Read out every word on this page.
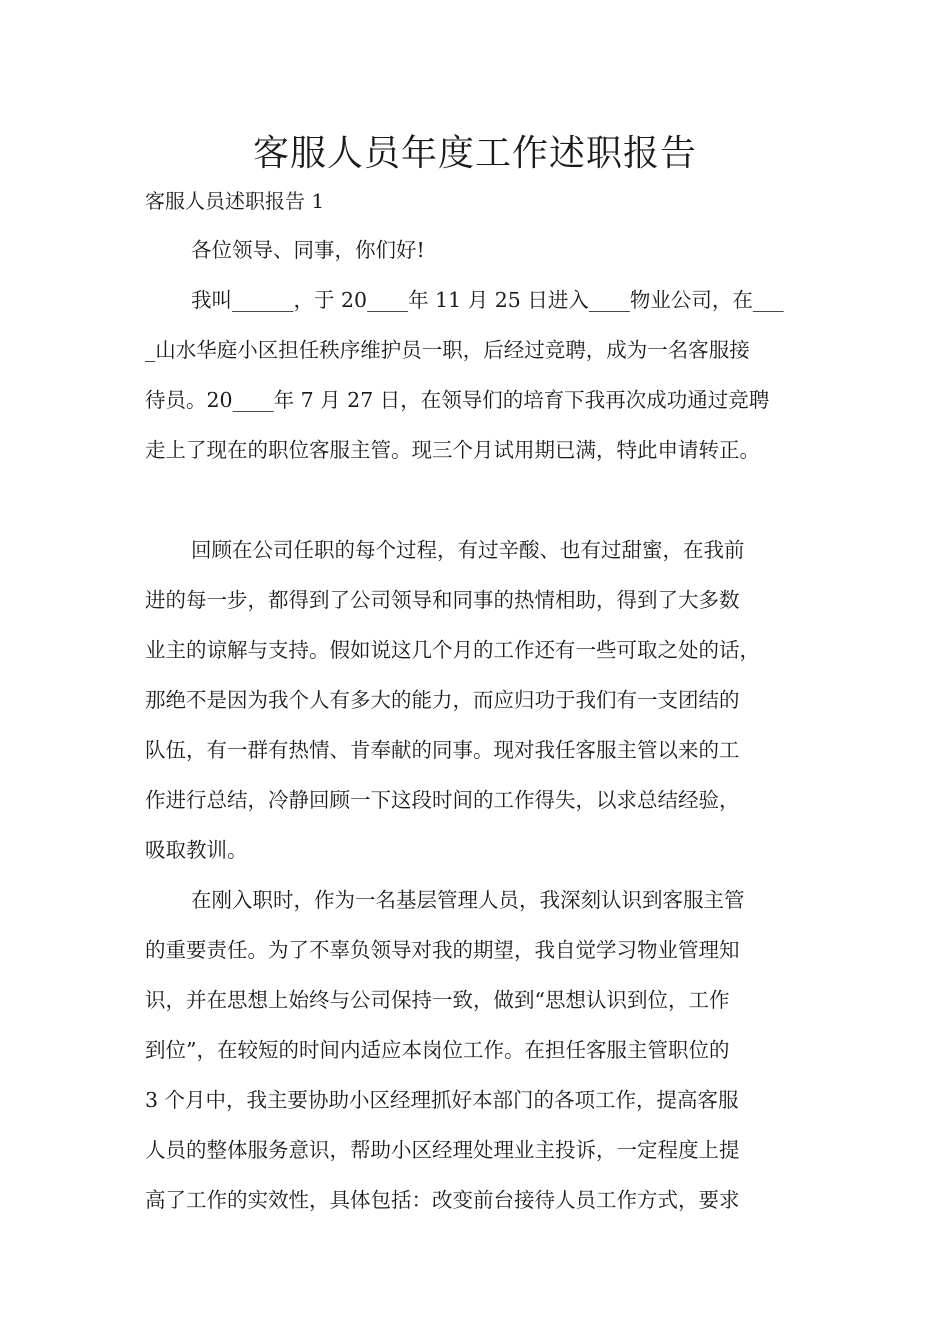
客服人员年度工作述职报告
客服人员述职报告 1
各位领导、同事，你们好!
我叫______，于 20____年 11 月 25 日进入____物业公司，在___
_山水华庭小区担任秩序维护员一职，后经过竞聘，成为一名客服接
待员。20____年 7 月 27 日，在领导们的培育下我再次成功通过竞聘
走上了现在的职位客服主管。现三个月试用期已满，特此申请转正。
回顾在公司任职的每个过程，有过辛酸、也有过甜蜜，在我前
进的每一步，都得到了公司领导和同事的热情相助，得到了大多数
业主的谅解与支持。假如说这几个月的工作还有一些可取之处的话，
那绝不是因为我个人有多大的能力，而应归功于我们有一支团结的
队伍，有一群有热情、肯奉献的同事。现对我任客服主管以来的工
作进行总结，冷静回顾一下这段时间的工作得失，以求总结经验，
吸取教训。
在刚入职时，作为一名基层管理人员，我深刻认识到客服主管
的重要责任。为了不辜负领导对我的期望，我自觉学习物业管理知
识，并在思想上始终与公司保持一致，做到“思想认识到位，工作
到位”，在较短的时间内适应本岗位工作。在担任客服主管职位的
3 个月中，我主要协助小区经理抓好本部门的各项工作，提高客服
人员的整体服务意识，帮助小区经理处理业主投诉，一定程度上提
高了工作的实效性，具体包括：改变前台接待人员工作方式，要求
